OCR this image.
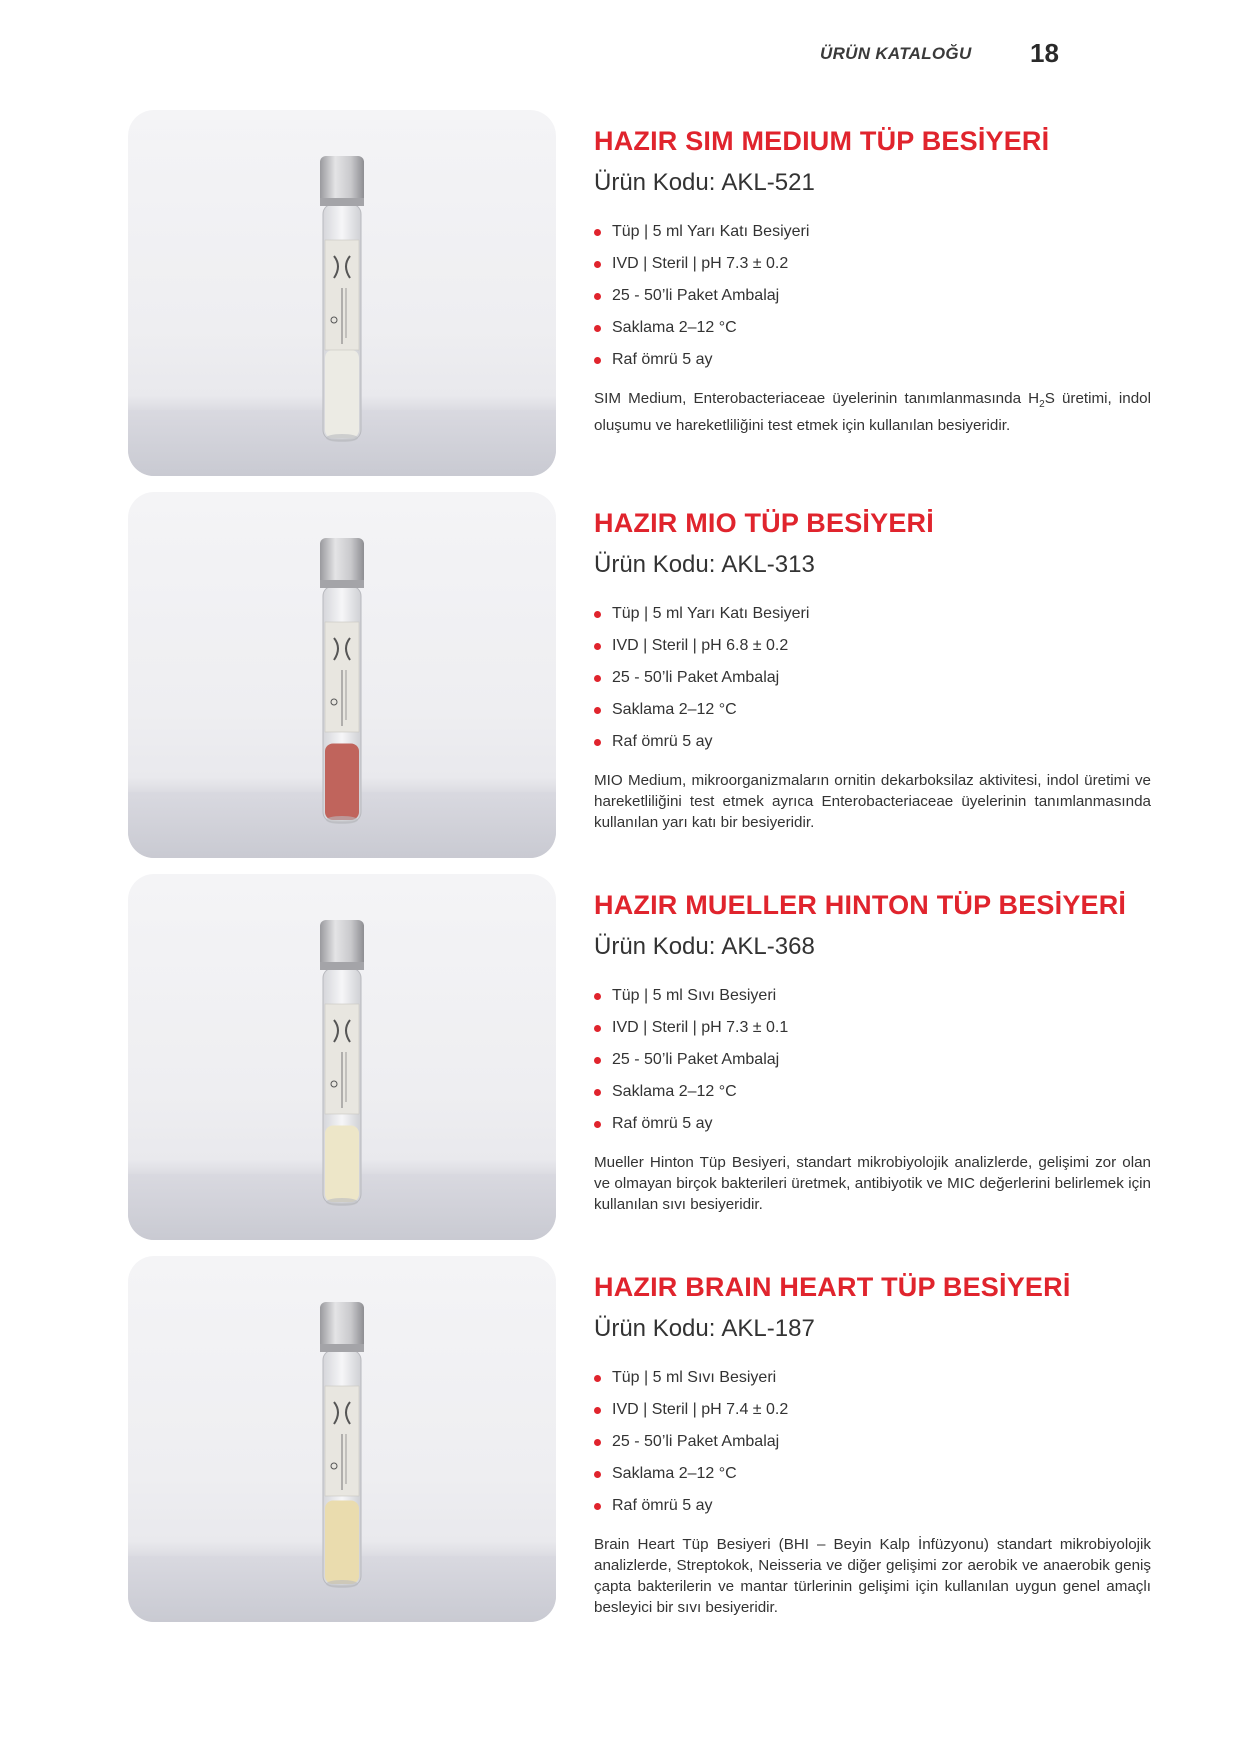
ÜRÜN KATALOĞU 18
HAZIR SIM MEDIUM TÜP BESİYERİ
Ürün Kodu: AKL-521
Tüp | 5 ml Yarı Katı Besiyeri
IVD | Steril | pH 7.3 ± 0.2
25 - 50’li Paket Ambalaj
Saklama 2–12 °C
Raf ömrü 5 ay
SIM Medium, Enterobacteriaceae üyelerinin tanımlanmasında $H_2S$ üretimi, indol oluşumu ve hareketliliğini test etmek için kullanılan besiyeridir.
HAZIR MIO TÜP BESİYERİ
Ürün Kodu: AKL-313
Tüp | 5 ml Yarı Katı Besiyeri
IVD | Steril | pH 6.8 ± 0.2
25 - 50’li Paket Ambalaj
Saklama 2–12 °C
Raf ömrü 5 ay
MIO Medium, mikroorganizmaların ornitin dekarboksilaz aktivitesi, indol üretimi ve hareketliliğini test etmek ayrıca Enterobacteriaceae üyelerinin tanımlanmasında kullanılan yarı katı bir besiyeridir.
HAZIR MUELLER HINTON TÜP BESİYERİ
Ürün Kodu: AKL-368
Tüp | 5 ml Sıvı Besiyeri
IVD | Steril | pH 7.3 ± 0.1
25 - 50’li Paket Ambalaj
Saklama 2–12 °C
Raf ömrü 5 ay
Mueller Hinton Tüp Besiyeri, standart mikrobiyolojik analizlerde, gelişimi zor olan ve olmayan birçok bakterileri üretmek, antibiyotik ve MIC değerlerini belirlemek için kullanılan sıvı besiyeridir.
HAZIR BRAIN HEART TÜP BESİYERİ
Ürün Kodu: AKL-187
Tüp | 5 ml Sıvı Besiyeri
IVD | Steril | pH 7.4 ± 0.2
25 - 50’li Paket Ambalaj
Saklama 2–12 °C
Raf ömrü 5 ay
Brain Heart Tüp Besiyeri (BHI – Beyin Kalp İnfüzyonu) standart mikrobiyolojik analizlerde, Streptokok, Neisseria ve diğer gelişimi zor aerobik ve anaerobik geniş çapta bakterilerin ve mantar türlerinin gelişimi için kullanılan uygun genel amaçlı besleyici bir sıvı besiyeridir.
